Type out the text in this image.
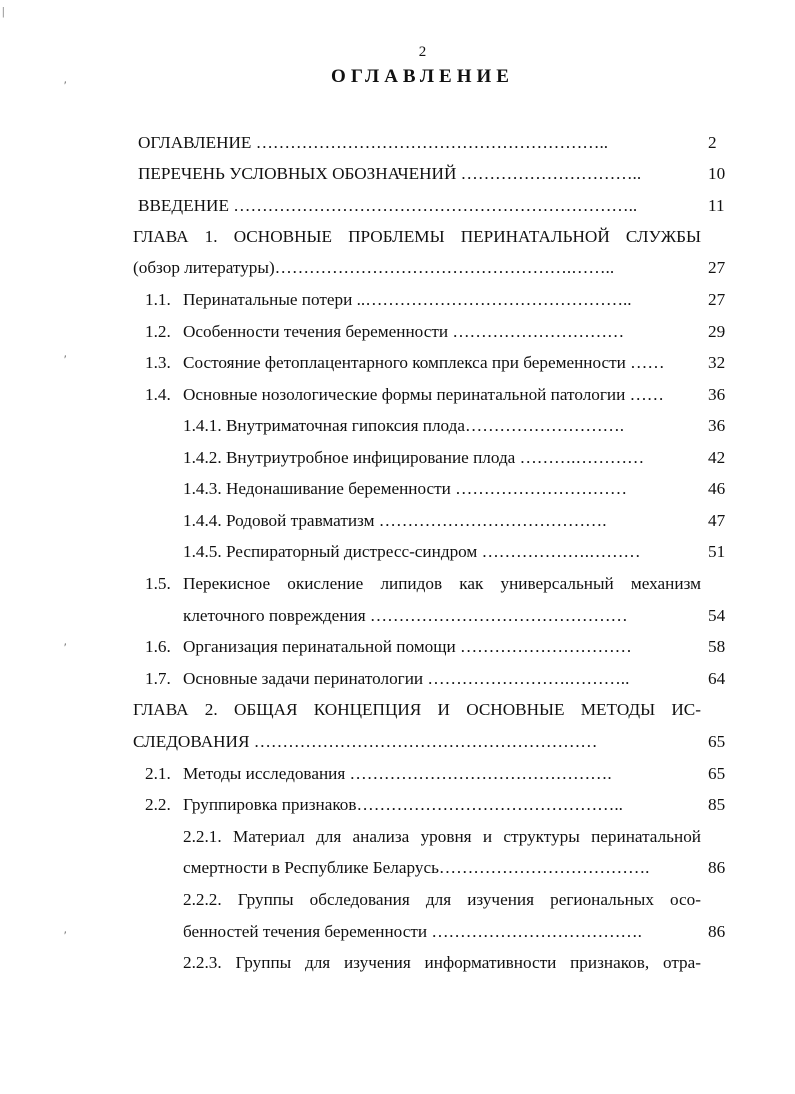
|
′
′
′
′
2
ОГЛАВЛЕНИЕ
ОГЛАВЛЕНИЕ ……………………………………………………..	2
ПЕРЕЧЕНЬ УСЛОВНЫХ ОБОЗНАЧЕНИЙ …………………………..	10
ВВЕДЕНИЕ ……………………………………………………………..	11
ГЛАВА 1. ОСНОВНЫЕ ПРОБЛЕМЫ ПЕРИНАТАЛЬНОЙ СЛУЖБЫ
(обзор литературы)…………………………………………….……..	27
1.1. Перинатальные потери ..………………………………………..	27
1.2. Особенности течения беременности …………………………	29
1.3. Состояние фетоплацентарного комплекса при беременности ……	32
1.4. Основные нозологические формы перинатальной патологии ……	36
1.4.1. Внутриматочная гипоксия плода……………………….	36
1.4.2. Внутриутробное инфицирование плода ……….…………	42
1.4.3. Недонашивание беременности …………………………	46
1.4.4. Родовой травматизм ………………………………….	47
1.4.5. Респираторный дистресс-синдром ……………….………	51
1.5. Перекисное окисление липидов как универсальный механизм
клеточного повреждения ………………………………………	54
1.6. Организация перинатальной помощи …………………………	58
1.7. Основные задачи перинатологии …………………….………..	64
ГЛАВА 2. ОБЩАЯ КОНЦЕПЦИЯ И ОСНОВНЫЕ МЕТОДЫ ИС-
СЛЕДОВАНИЯ ……………………………………………………	65
2.1. Методы исследования ……………………………………….	65
2.2. Группировка признаков………………………………………..	85
2.2.1. Материал для анализа уровня и структуры перинатальной
смертности в Республике Беларусь……………………………….	86
2.2.2. Группы обследования для изучения региональных осо-
бенностей течения беременности ……………………………….	86
2.2.3. Группы для изучения информативности признаков, отра-
